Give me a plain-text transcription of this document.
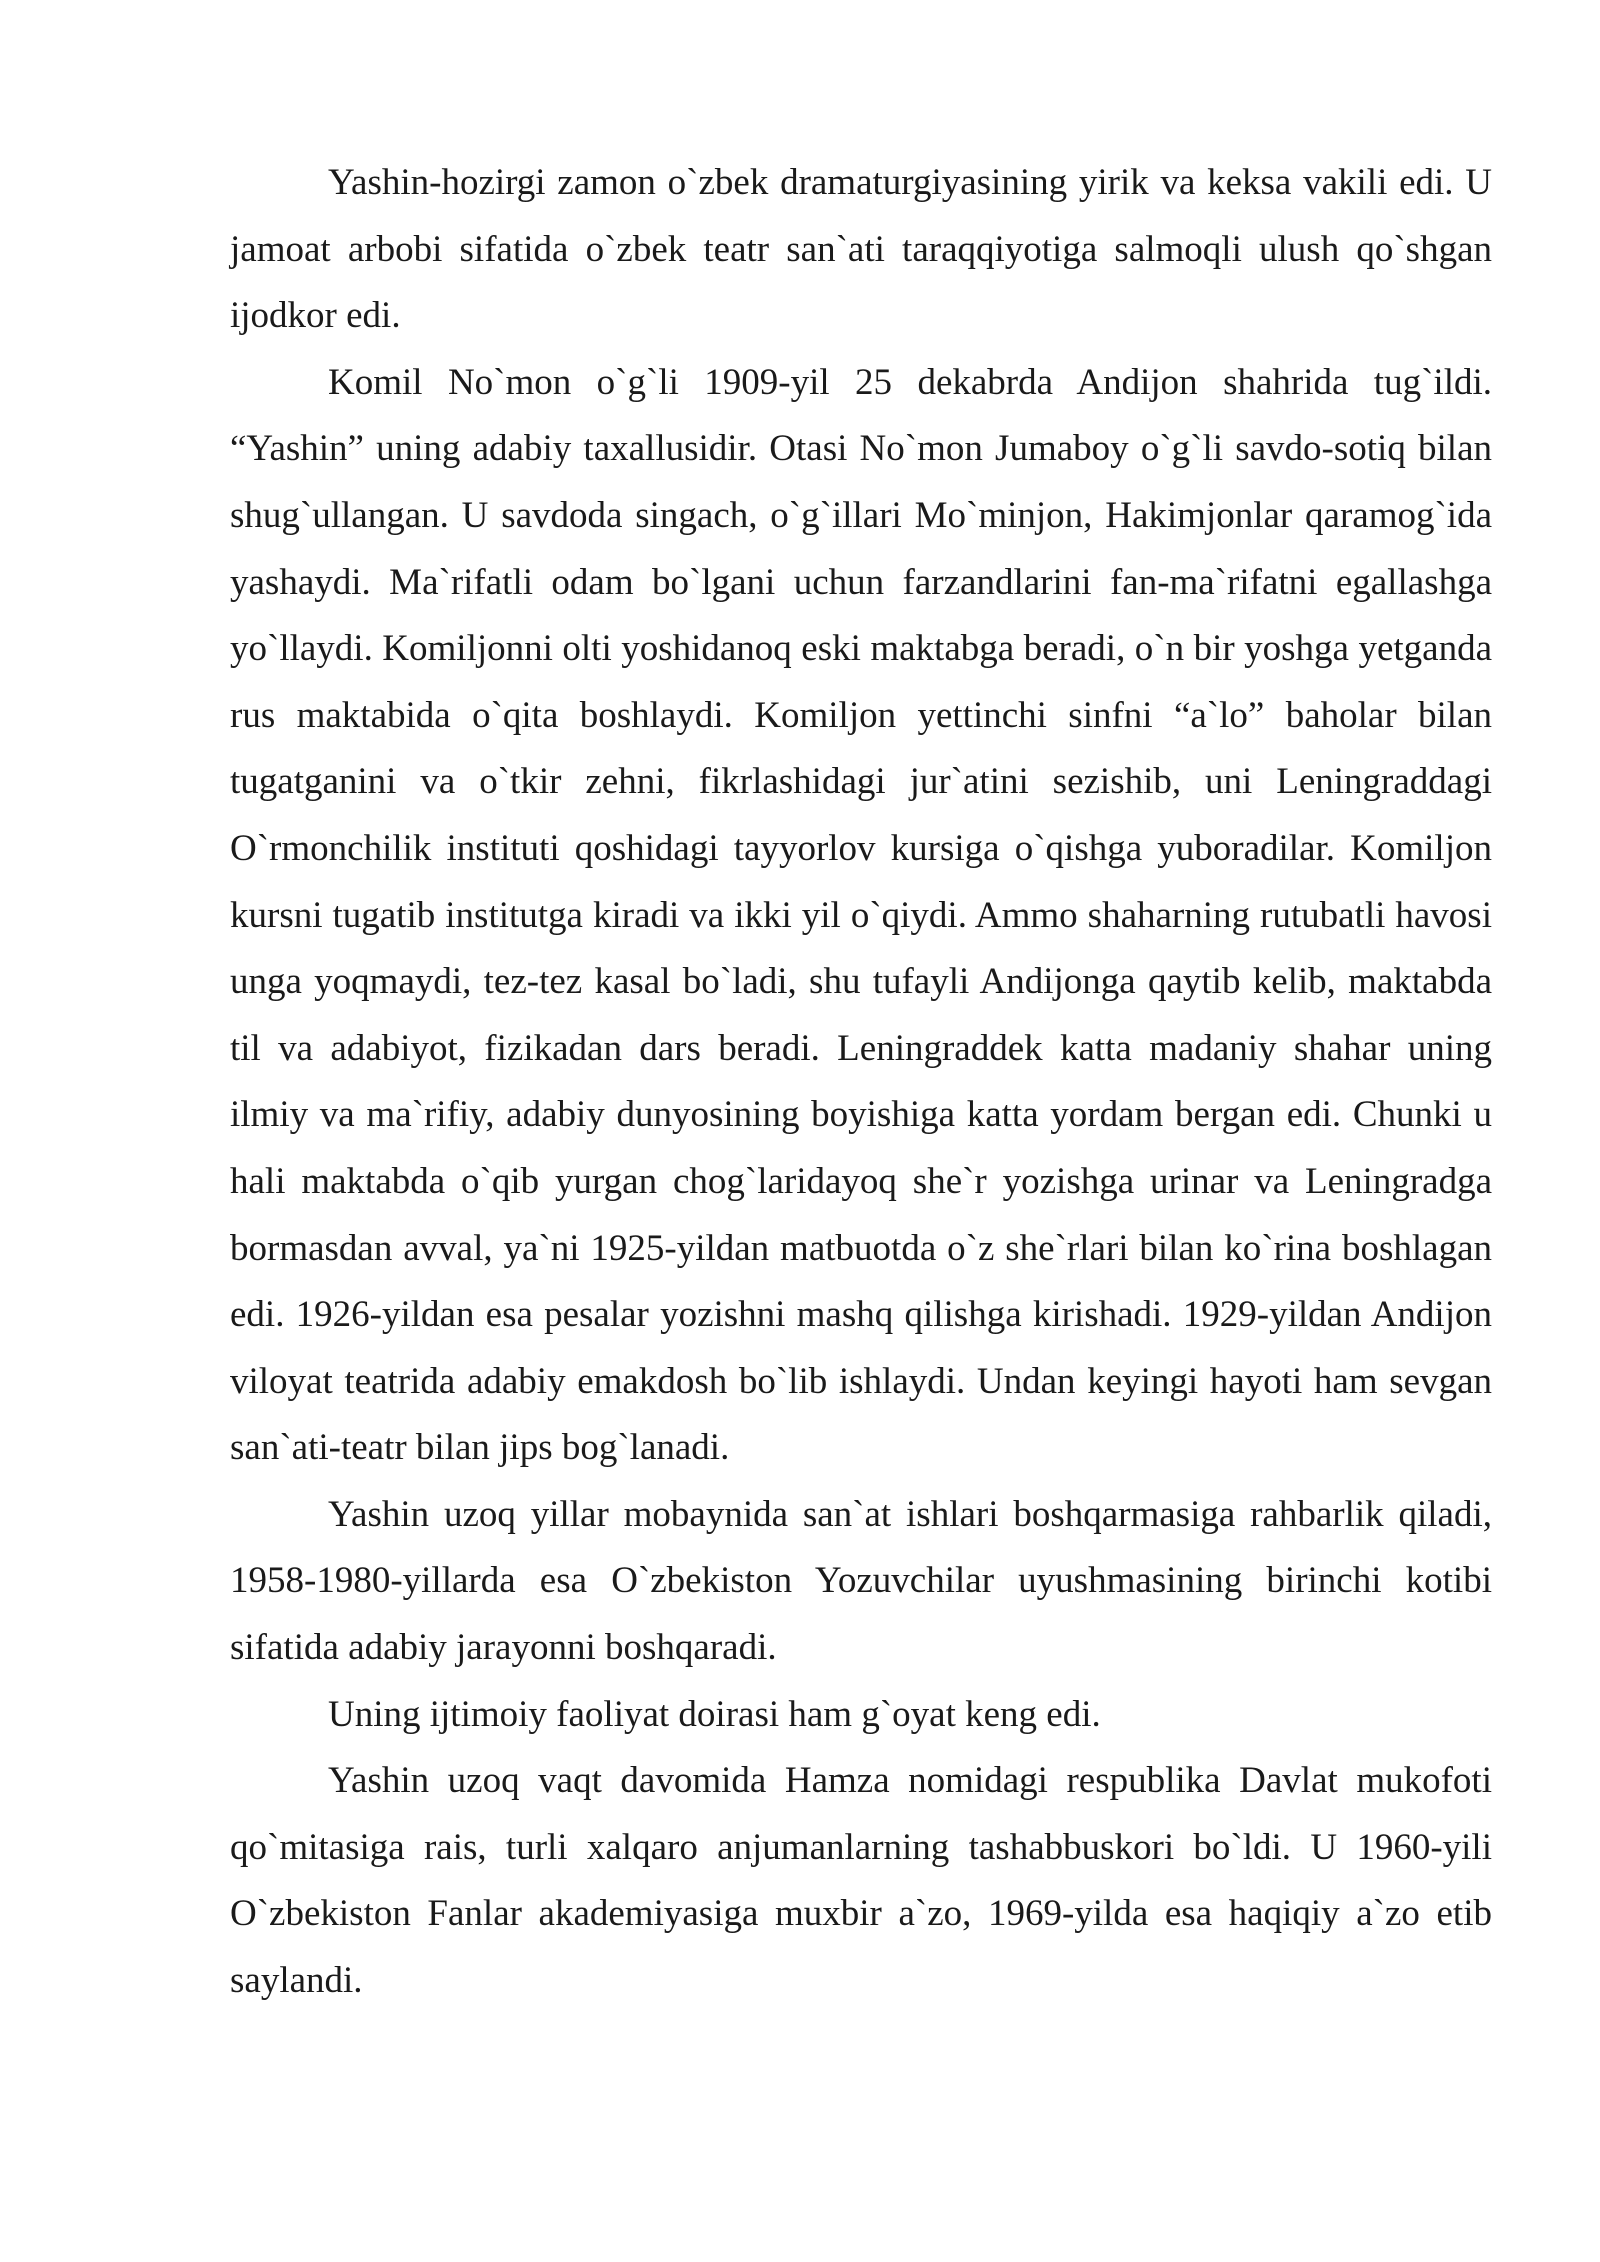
Yashin-hozirgi zamon o`zbek dramaturgiyasining yirik va keksa vakili edi. U jamoat arbobi sifatida o`zbek teatr san`ati taraqqiyotiga salmoqli ulush qo`shgan ijodkor edi.

Komil No`mon o`g`li 1909-yil 25 dekabrda Andijon shahrida tug`ildi. “Yashin” uning adabiy taxallusidir. Otasi No`mon Jumaboy o`g`li savdo-sotiq bilan shug`ullangan. U savdoda singach, o`g`illari Mo`minjon, Hakimjonlar qaramog`ida yashaydi. Ma`rifatli odam bo`lgani uchun farzandlarini fan-ma`rifatni egallashga yo`llaydi. Komiljonni olti yoshidanoq eski maktabga beradi, o`n bir yoshga yetganda rus maktabida o`qita boshlaydi. Komiljon yettinchi sinfni “a`lo” baholar bilan tugatganini va o`tkir zehni, fikrlashidagi jur`atini sezishib, uni Leningraddagi O`rmonchilik instituti qoshidagi tayyorlov kursiga o`qishga yuboradilar. Komiljon kursni tugatib institutga kiradi va ikki yil o`qiydi. Ammo shaharning rutubatli havosi unga yoqmaydi, tez-tez kasal bo`ladi, shu tufayli Andijonga qaytib kelib, maktabda til va adabiyot, fizikadan dars beradi. Leningraddek katta madaniy shahar uning ilmiy va ma`rifiy, adabiy dunyosining boyishiga katta yordam bergan edi. Chunki u hali maktabda o`qib yurgan chog`laridayoq she`r yozishga urinar va Leningradga bormasdan avval, ya`ni 1925-yildan matbuotda o`z she`rlari bilan ko`rina boshlagan edi. 1926-yildan esa pesalar yozishni mashq qilishga kirishadi. 1929-yildan Andijon viloyat teatrida adabiy emakdosh bo`lib ishlaydi. Undan keyingi hayoti ham sevgan san`ati-teatr bilan jips bog`lanadi.

Yashin uzoq yillar mobaynida san`at ishlari boshqarmasiga rahbarlik qiladi, 1958-1980-yillarda esa O`zbekiston Yozuvchilar uyushmasining birinchi kotibi sifatida adabiy jarayonni boshqaradi.

Uning ijtimoiy faoliyat doirasi ham g`oyat keng edi.

Yashin uzoq vaqt davomida Hamza nomidagi respublika Davlat mukofoti qo`mitasiga rais, turli xalqaro anjumanlarning tashabbuskori bo`ldi. U 1960-yili O`zbekiston Fanlar akademiyasiga muxbir a`zo, 1969-yilda esa haqiqiy a`zo etib saylandi.
